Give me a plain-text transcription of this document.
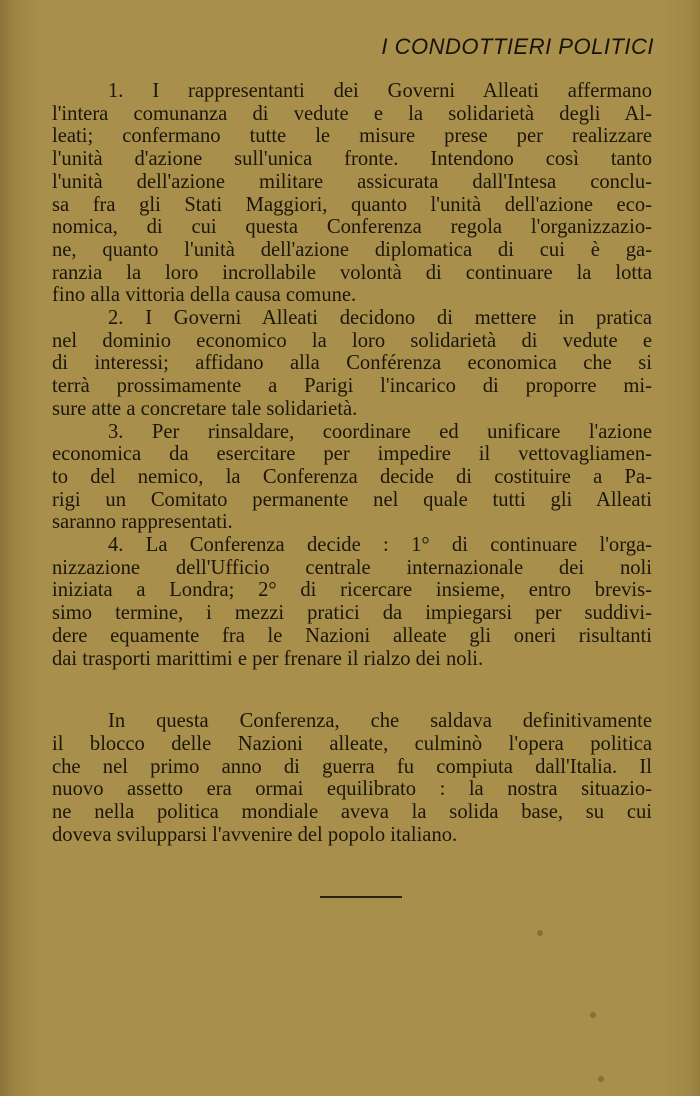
I CONDOTTIERI POLITICI
1. I rappresentanti dei Governi Alleati affermano
l'intera comunanza di vedute e la solidarietà degli Al-
leati; confermano tutte le misure prese per realizzare
l'unità d'azione sull'unica fronte. Intendono così tanto
l'unità dell'azione militare assicurata dall'Intesa conclu-
sa fra gli Stati Maggiori, quanto l'unità dell'azione eco-
nomica, di cui questa Conferenza regola l'organizzazio-
ne, quanto l'unità dell'azione diplomatica di cui è ga-
ranzia la loro incrollabile volontà di continuare la lotta
fino alla vittoria della causa comune.
2. I Governi Alleati decidono di mettere in pratica
nel dominio economico la loro solidarietà di vedute e
di interessi; affidano alla Conférenza economica che si
terrà prossimamente a Parigi l'incarico di proporre mi-
sure atte a concretare tale solidarietà.
3. Per rinsaldare, coordinare ed unificare l'azione
economica da esercitare per impedire il vettovagliamen-
to del nemico, la Conferenza decide di costituire a Pa-
rigi un Comitato permanente nel quale tutti gli Alleati
saranno rappresentati.
4. La Conferenza decide : 1° di continuare l'orga-
nizzazione dell'Ufficio centrale internazionale dei noli
iniziata a Londra; 2° di ricercare insieme, entro brevis-
simo termine, i mezzi pratici da impiegarsi per suddivi-
dere equamente fra le Nazioni alleate gli oneri risultanti
dai trasporti marittimi e per frenare il rialzo dei noli.
In questa Conferenza, che saldava definitivamente
il blocco delle Nazioni alleate, culminò l'opera politica
che nel primo anno di guerra fu compiuta dall'Italia. Il
nuovo assetto era ormai equilibrato : la nostra situazio-
ne nella politica mondiale aveva la solida base, su cui
doveva svilupparsi l'avvenire del popolo italiano.
